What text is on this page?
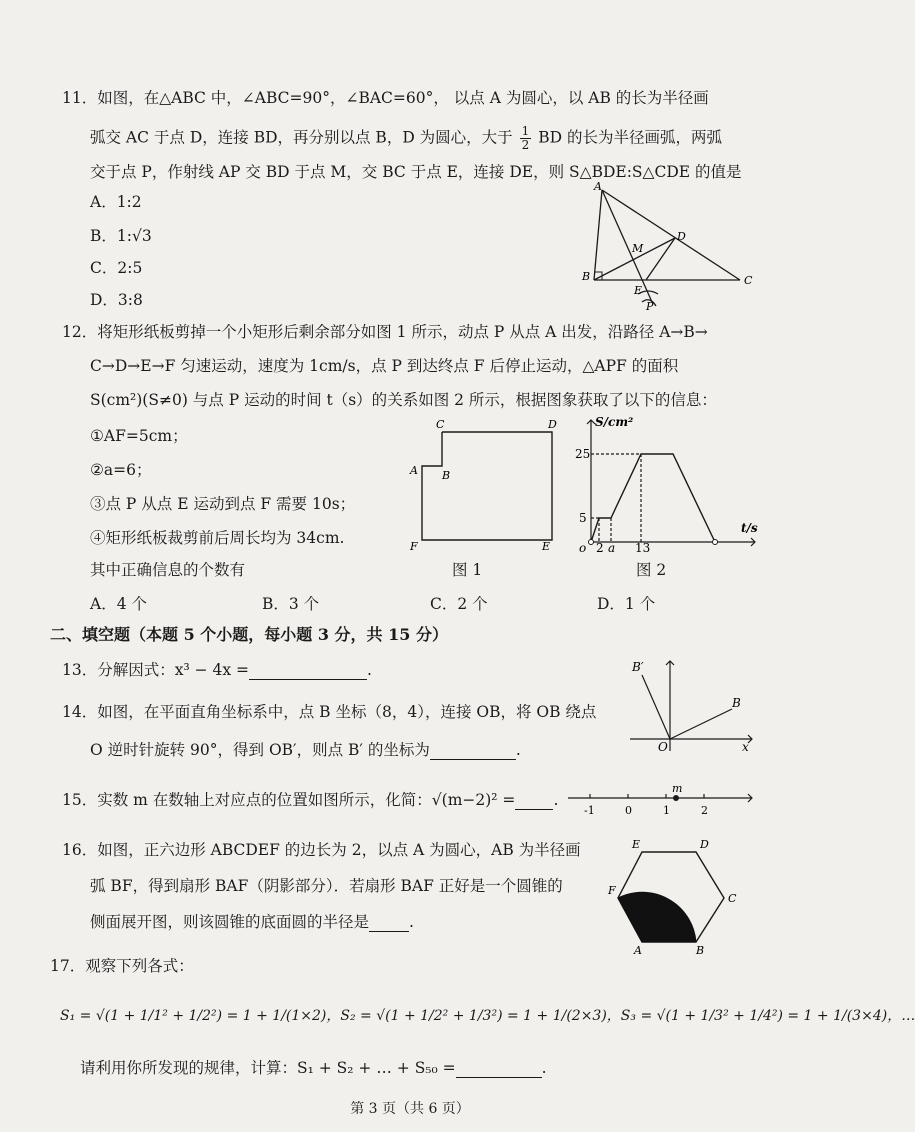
11．如图，在△ABC 中，∠ABC=90°，∠BAC=60°， 以点 A 为圆心，以 AB 的长为半径画
弧交 AC 于点 D，连接 BD，再分别以点 B，D 为圆心，大于 $\frac{1}{2}$ BD 的长为半径画弧，两弧
交于点 P，作射线 AP 交 BD 于点 M，交 BC 于点 E，连接 DE，则 S△BDE:S△CDE 的值是
A．1:2
B．1:√3
C．2:5
D．3:8
A
B	C
D
M
E
P
12．将矩形纸板剪掉一个小矩形后剩余部分如图 1 所示，动点 P 从点 A 出发，沿路径 A→B→
C→D→E→F 匀速运动，速度为 1cm/s，点 P 到达终点 F 后停止运动，△APF 的面积
S(cm²)(S≠0) 与点 P 运动的时间 t（s）的关系如图 2 所示，根据图象获取了以下的信息：
①AF=5cm；
②a=6；
③点 P 从点 E 运动到点 F 需要 10s；
④矩形纸板裁剪前后周长均为 34cm.
其中正确信息的个数有
A．4 个	B．3 个	C．2 个	D．1 个
C	D
A B
F	E
图 1
S/cm²
t/s
25
5
o 2 a 13
图 2
二、填空题（本题 5 个小题，每小题 3 分，共 15 分）
13．分解因式：x³ − 4x =	.
14．如图，在平面直角坐标系中，点 B 坐标（8，4），连接 OB，将 OB 绕点
O 逆时针旋转 90°，得到 OB′，则点 B′ 的坐标为	.
B′
B
O	x
15．实数 m 在数轴上对应点的位置如图所示，化简：√(m−2)² = .
m
-1	0	1	2
16．如图，正六边形 ABCDEF 的边长为 2，以点 A 为圆心，AB 为半径画
弧 BF，得到扇形 BAF（阴影部分）．若扇形 BAF 正好是一个圆锥的
侧面展开图，则该圆锥的底面圆的半径是	.
A	B
C
D
E
F
17．观察下列各式：
S₁ = √(1 + 1/1² + 1/2²) = 1 + 1/(1×2)，S₂ = √(1 + 1/2² + 1/3²) = 1 + 1/(2×3)，S₃ = √(1 + 1/3² + 1/4²) = 1 + 1/(3×4)，…
请利用你所发现的规律，计算：S₁ + S₂ + … + S₅₀ =	.
第 3 页（共 6 页）
